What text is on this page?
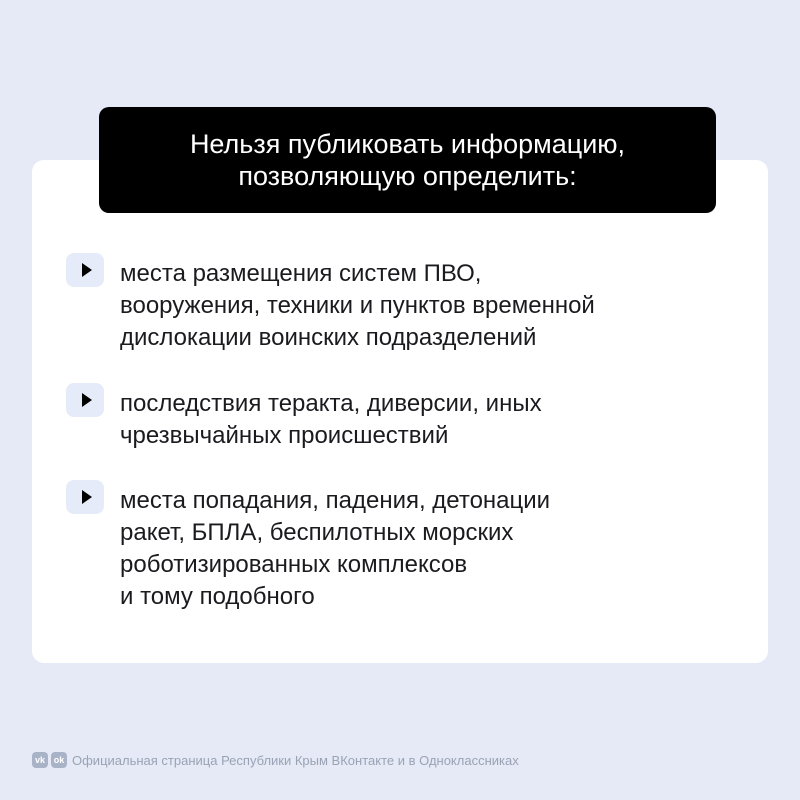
Нельзя публиковать информацию,
позволяющую определить:
места размещения систем ПВО,
вооружения, техники и пунктов временной
дислокации воинских подразделений
последствия теракта, диверсии, иных
чрезвычайных происшествий
места попадания, падения, детонации
ракет, БПЛА, беспилотных морских
роботизированных комплексов
и тому подобного
vk ok Официальная страница Республики Крым ВКонтакте и в Одноклассниках
